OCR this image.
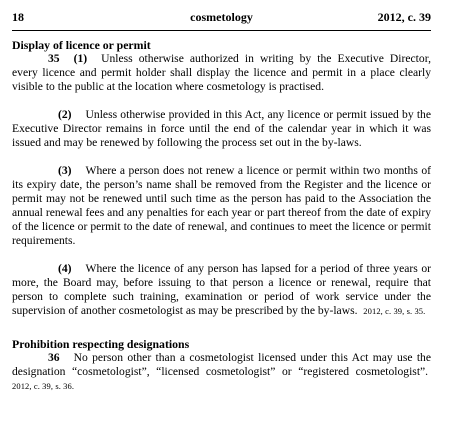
18	cosmetology	2012, c. 39
Display of licence or permit

35 (1) Unless otherwise authorized in writing by the Executive Director, every licence and permit holder shall display the licence and permit in a place clearly visible to the public at the location where cosmetology is practised.

(2) Unless otherwise provided in this Act, any licence or permit issued by the Executive Director remains in force until the end of the calendar year in which it was issued and may be renewed by following the process set out in the by-laws.

(3) Where a person does not renew a licence or permit within two months of its expiry date, the person’s name shall be removed from the Register and the licence or permit may not be renewed until such time as the person has paid to the Association the annual renewal fees and any penalties for each year or part thereof from the date of expiry of the licence or permit to the date of renewal, and continues to meet the licence or permit requirements.

(4) Where the licence of any person has lapsed for a period of three years or more, the Board may, before issuing to that person a licence or renewal, require that person to complete such training, examination or period of work service under the supervision of another cosmetologist as may be prescribed by the by-laws. 2012, c. 39, s. 35.

Prohibition respecting designations

36 No person other than a cosmetologist licensed under this Act may use the designation “cosmetologist”, “licensed cosmetologist” or “registered cosmetologist”.  2012, c. 39, s. 36.
